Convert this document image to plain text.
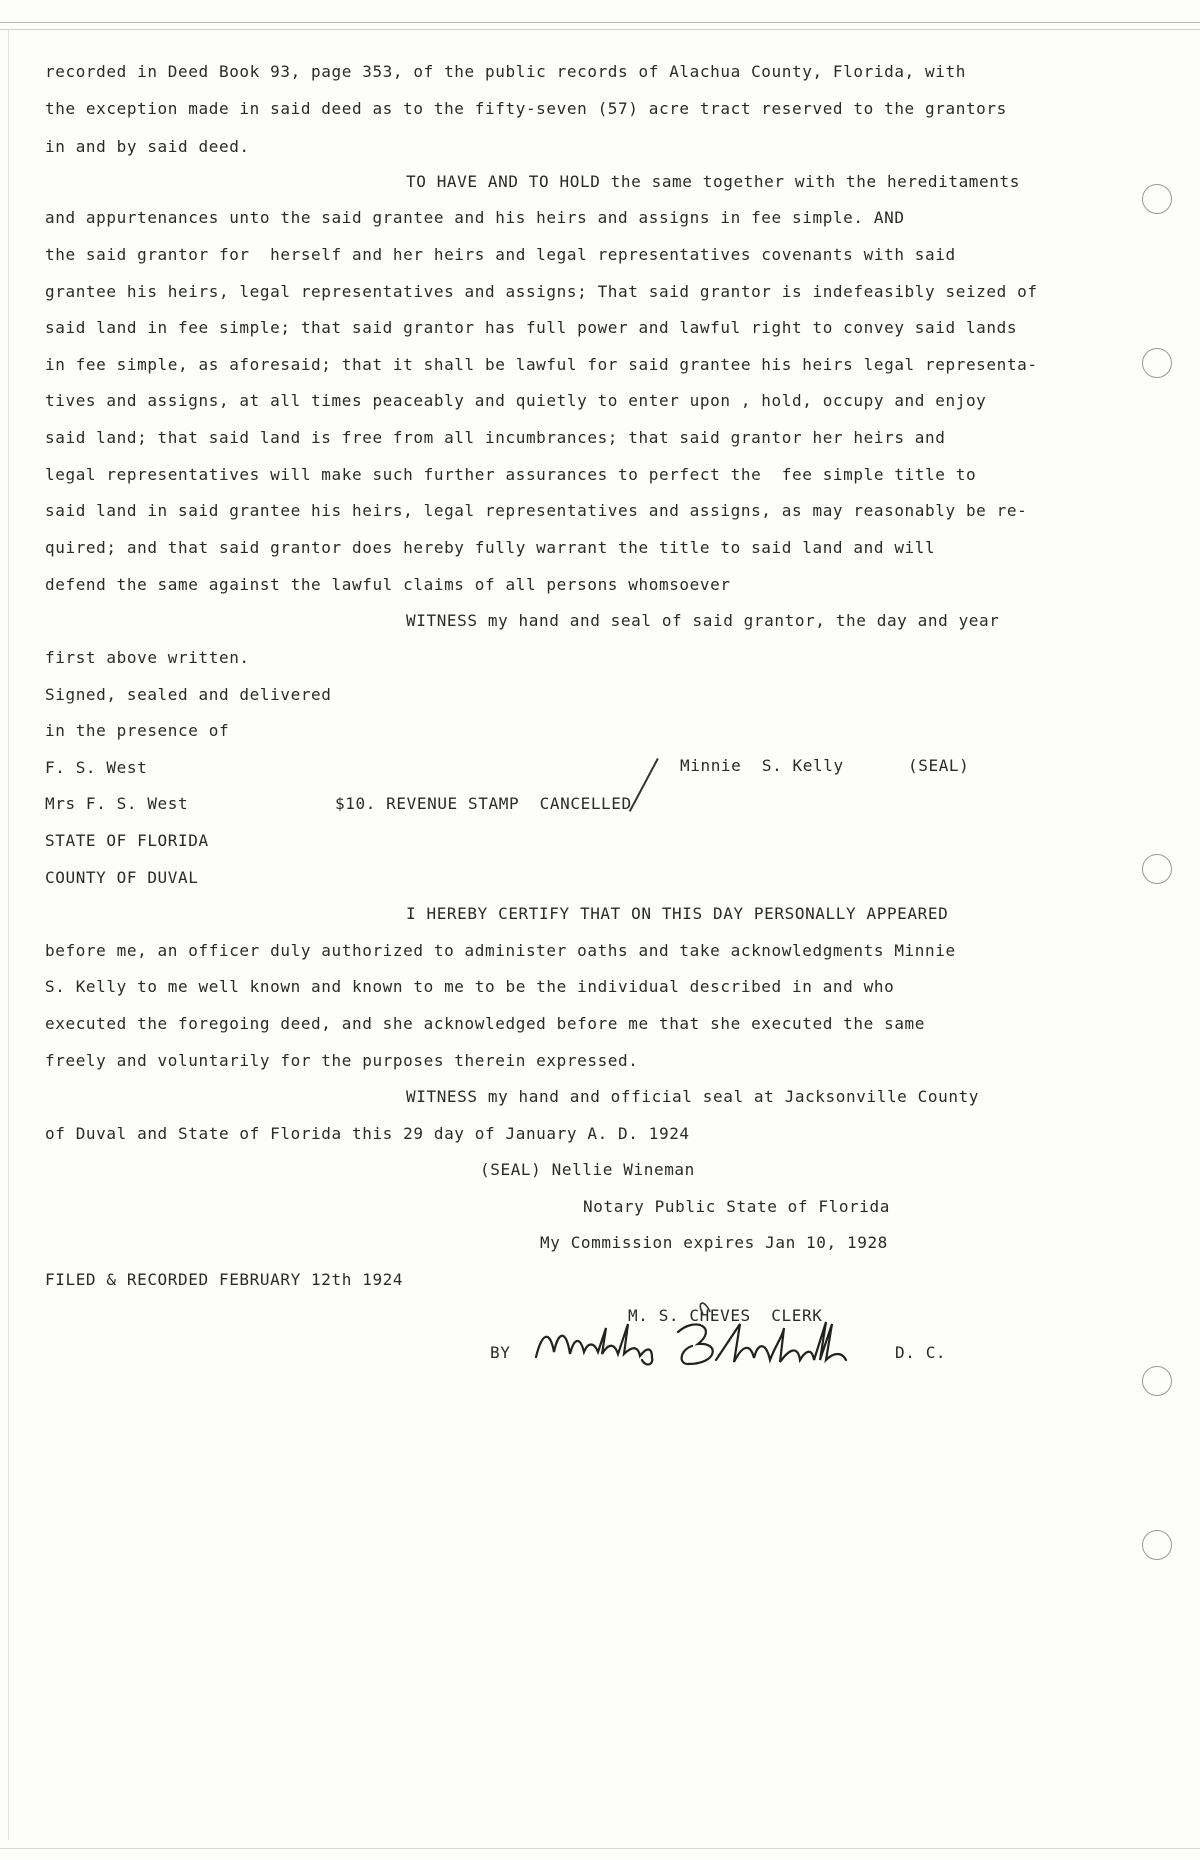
recorded in Deed Book 93, page 353, of the public records of Alachua County, Florida, with
the exception made in said deed as to the fifty-seven (57) acre tract reserved to the grantors
in and by said deed.
TO HAVE AND TO HOLD the same together with the hereditaments
and appurtenances unto the said grantee and his heirs and assigns in fee simple. AND
the said grantor for  herself and her heirs and legal representatives covenants with said
grantee his heirs, legal representatives and assigns; That said grantor is indefeasibly seized of
said land in fee simple; that said grantor has full power and lawful right to convey said lands
in fee simple, as aforesaid; that it shall be lawful for said grantee his heirs legal representa-
tives and assigns, at all times peaceably and quietly to enter upon , hold, occupy and enjoy
said land; that said land is free from all incumbrances; that said grantor her heirs and
legal representatives will make such further assurances to perfect the  fee simple title to
said land in said grantee his heirs, legal representatives and assigns, as may reasonably be re-
quired; and that said grantor does hereby fully warrant the title to said land and will
defend the same against the lawful claims of all persons whomsoever
WITNESS my hand and seal of said grantor, the day and year
first above written.
Signed, sealed and delivered
in the presence of
F. S. West	Minnie  S. Kelly	(SEAL)
Mrs F. S. West	$10. REVENUE STAMP  CANCELLED
STATE OF FLORIDA
COUNTY OF DUVAL
I HEREBY CERTIFY THAT ON THIS DAY PERSONALLY APPEARED
before me, an officer duly authorized to administer oaths and take acknowledgments Minnie
S. Kelly to me well known and known to me to be the individual described in and who
executed the foregoing deed, and she acknowledged before me that she executed the same
freely and voluntarily for the purposes therein expressed.
WITNESS my hand and official seal at Jacksonville County
of Duval and State of Florida this 29 day of January A. D. 1924
(SEAL) Nellie Wineman
Notary Public State of Florida
My Commission expires Jan 10, 1928
FILED & RECORDED FEBRUARY 12th 1924
M. S. CHEVES  CLERK
BY	D. C.
